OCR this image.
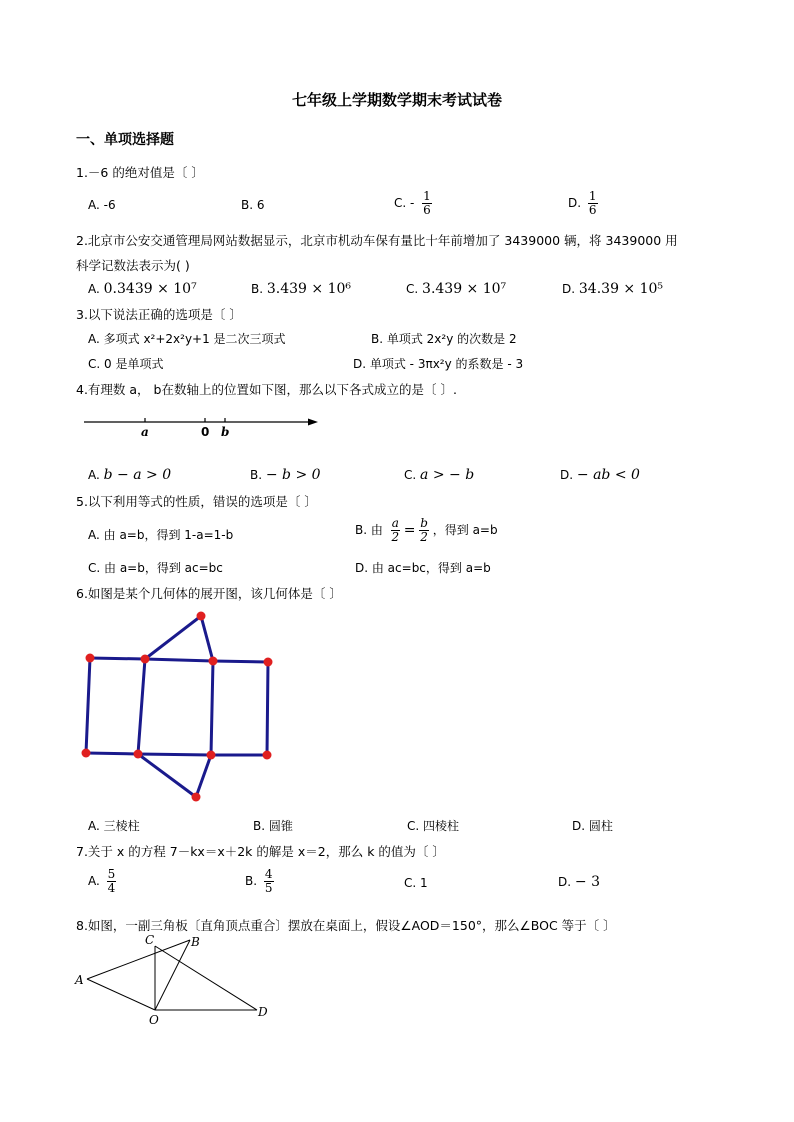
七年级上学期数学期末考试试卷
一、单项选择题
1.－6 的绝对值是〔 〕
A. -6	B. 6	C. - $\frac{1}{6}$	D. $\frac{1}{6}$
2.北京市公安交通管理局网站数据显示，北京市机动车保有量比十年前增加了 3439000 辆，将 3439000 用
科学记数法表示为( )
A. 0.3439 × 10⁷	B. 3.439 × 10⁶	C. 3.439 × 10⁷	D. 34.39 × 10⁵
3.以下说法正确的选项是〔 〕
A. 多项式 x²+2x²y+1 是二次三项式	B. 单项式 2x²y 的次数是 2
C. 0 是单项式	D. 单项式 - 3πx²y 的系数是 - 3
4.有理数 a， b在数轴上的位置如下图，那么以下各式成立的是〔 〕.
a	0 b
A. b − a > 0	B. − b > 0	C. a > − b	D. − ab < 0
5.以下利用等式的性质，错误的选项是〔 〕
A. 由 a=b，得到 1-a=1-b	B. 由 $\frac{a}{2} = \frac{b}{2}$ ，得到 a=b
C. 由 a=b，得到 ac=bc	D. 由 ac=bc，得到 a=b
6.如图是某个几何体的展开图，该几何体是〔 〕
A. 三棱柱	B. 圆锥	C. 四棱柱	D. 圆柱
7.关于 x 的方程 7－kx＝x＋2k 的解是 x＝2，那么 k 的值为〔 〕
A. $\frac{5}{4}$	B. $\frac{4}{5}$	C. 1	D. − 3
8.如图，一副三角板〔直角顶点重合〕摆放在桌面上，假设∠AOD＝150°，那么∠BOC 等于〔 〕
A
C	B
O
D
